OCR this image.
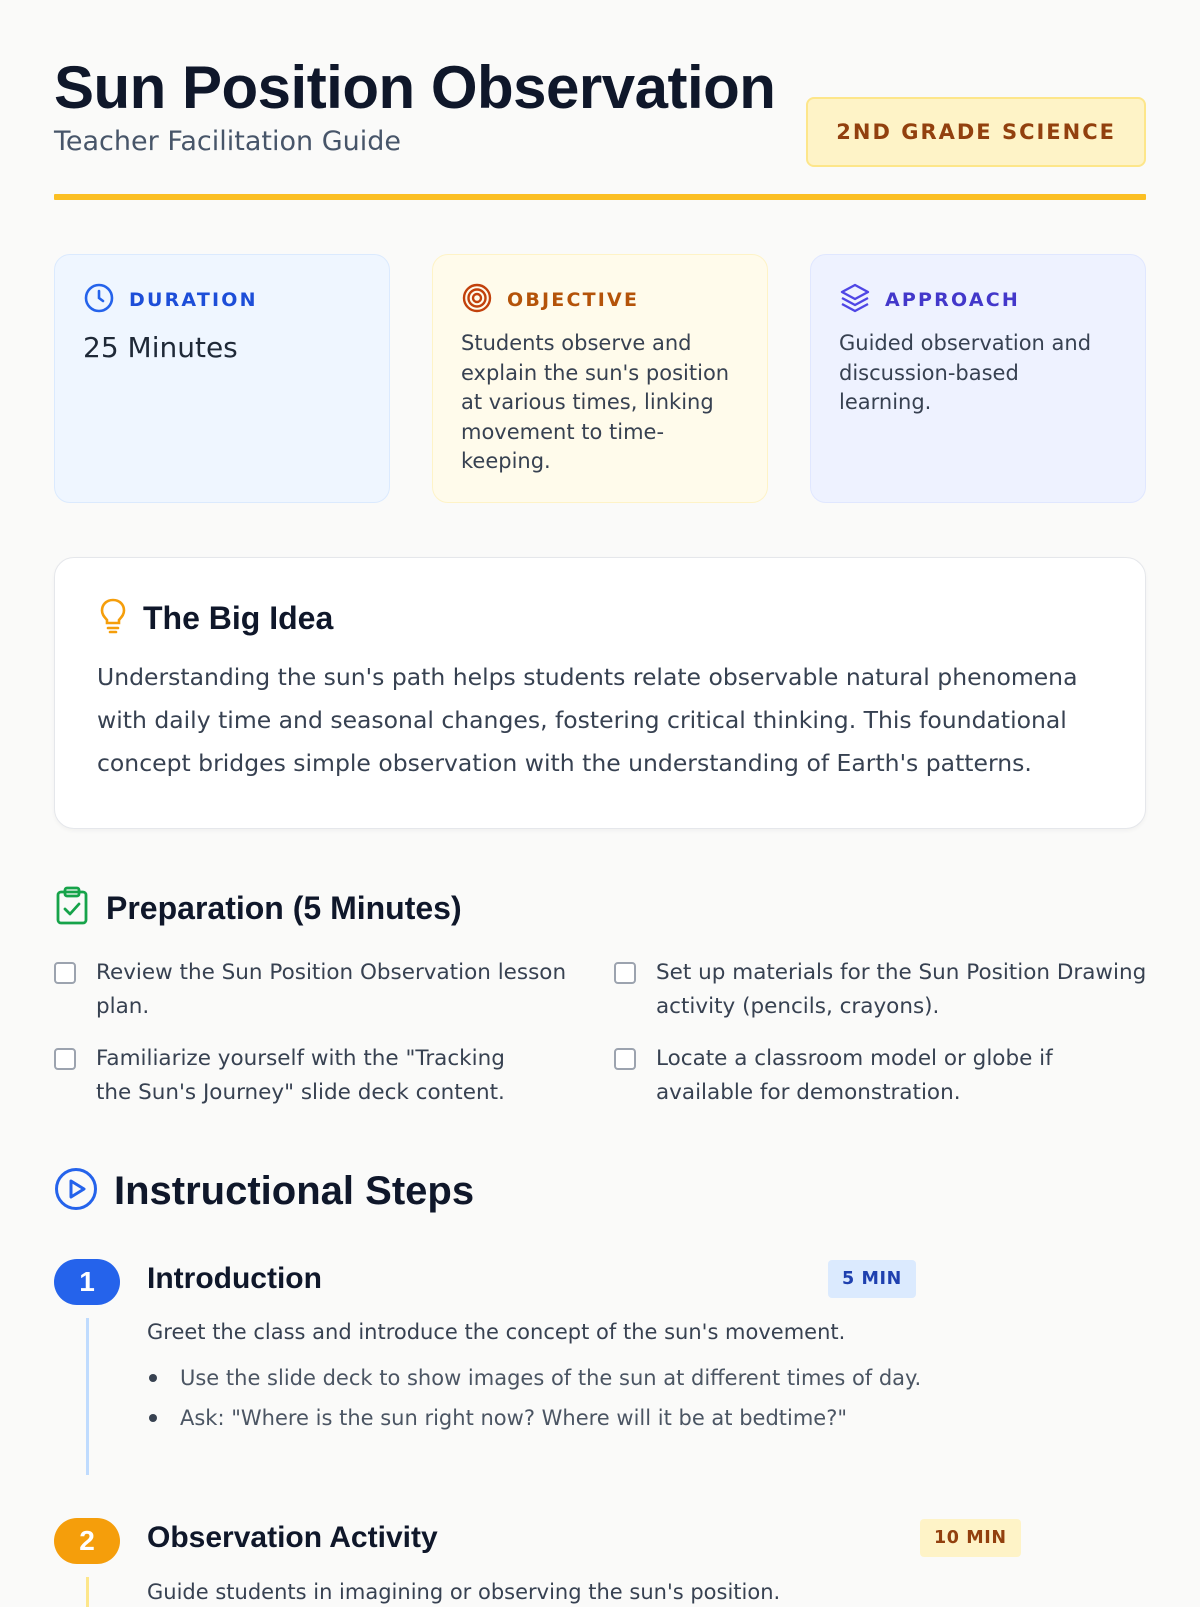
Sun Position Observation

Teacher Facilitation Guide	2ND GRADE SCIENCE
DURATION
25 Minutes
OBJECTIVE
Students observe and explain the sun's position at various times, linking movement to time-keeping.
APPROACH
Guided observation and discussion-based learning.
The Big Idea
Understanding the sun's path helps students relate observable natural phenomena with daily time and seasonal changes, fostering critical thinking. This foundational concept bridges simple observation with the understanding of Earth's patterns.
Preparation (5 Minutes)
Review the Sun Position Observation lesson plan.
Set up materials for the Sun Position Drawing activity (pencils, crayons).
Familiarize yourself with the "Tracking the Sun's Journey" slide deck content.
Locate a classroom model or globe if available for demonstration.
Instructional Steps
1	Introduction	5 MIN
Greet the class and introduce the concept of the sun's movement.
Use the slide deck to show images of the sun at different times of day.
Ask: "Where is the sun right now? Where will it be at bedtime?"
2	Observation Activity	10 MIN
Guide students in imagining or observing the sun's position.
